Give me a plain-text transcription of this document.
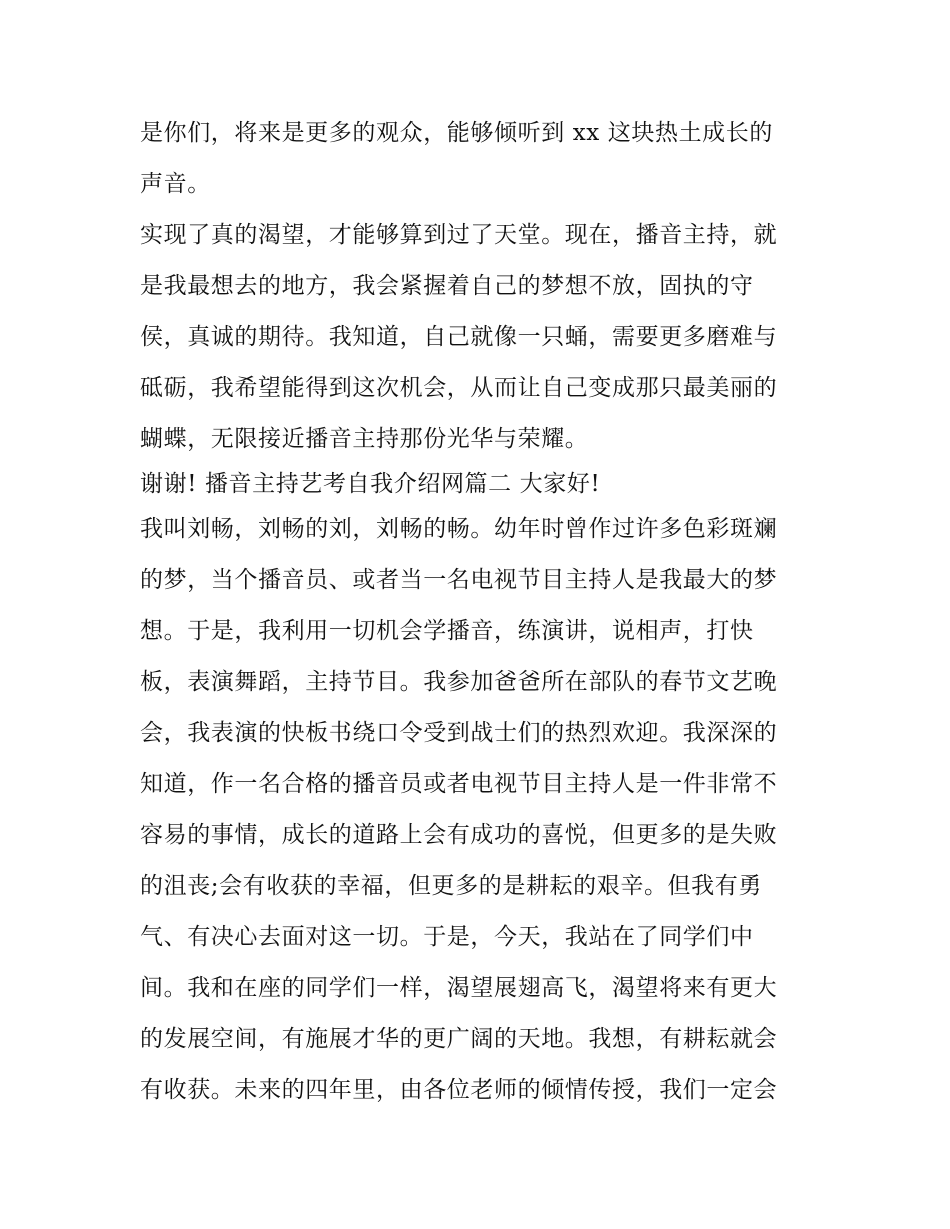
是你们，将来是更多的观众，能够倾听到 xx 这块热土成长的
声音。
实现了真的渴望，才能够算到过了天堂。现在，播音主持，就
是我最想去的地方，我会紧握着自己的梦想不放，固执的守
侯，真诚的期待。我知道，自己就像一只蛹，需要更多磨难与
砥砺，我希望能得到这次机会，从而让自己变成那只最美丽的
蝴蝶，无限接近播音主持那份光华与荣耀。
谢谢! 播音主持艺考自我介绍网篇二 大家好!
我叫刘畅，刘畅的刘，刘畅的畅。幼年时曾作过许多色彩斑斓
的梦，当个播音员、或者当一名电视节目主持人是我最大的梦
想。于是，我利用一切机会学播音，练演讲，说相声，打快
板，表演舞蹈，主持节目。我参加爸爸所在部队的春节文艺晚
会，我表演的快板书绕口令受到战士们的热烈欢迎。我深深的
知道，作一名合格的播音员或者电视节目主持人是一件非常不
容易的事情，成长的道路上会有成功的喜悦，但更多的是失败
的沮丧;会有收获的幸福，但更多的是耕耘的艰辛。但我有勇
气、有决心去面对这一切。于是，今天，我站在了同学们中
间。我和在座的同学们一样，渴望展翅高飞，渴望将来有更大
的发展空间，有施展才华的更广阔的天地。我想，有耕耘就会
有收获。未来的四年里，由各位老师的倾情传授，我们一定会
